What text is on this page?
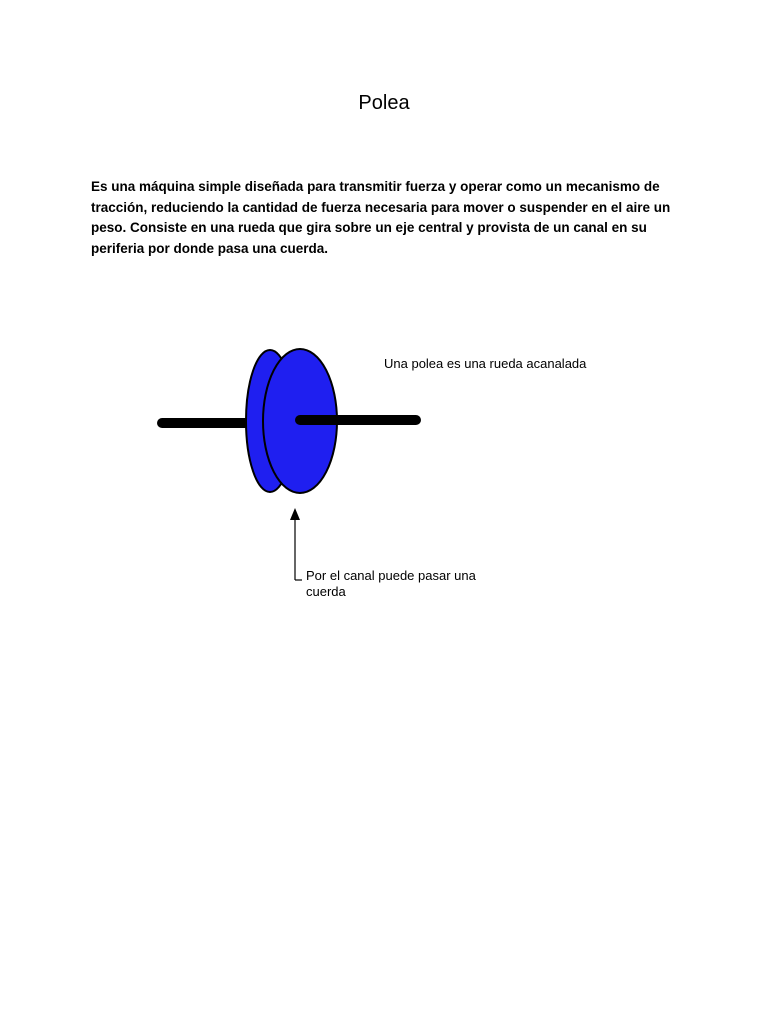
Polea

Es una máquina simple diseñada para transmitir fuerza y operar como un mecanismo de tracción, reduciendo la cantidad de fuerza necesaria para mover o suspender en el aire un peso. Consiste en una rueda que gira sobre un eje central y provista de un canal en su periferia por donde pasa una cuerda.

Una polea es una rueda acanalada
Por el canal puede pasar una cuerda
